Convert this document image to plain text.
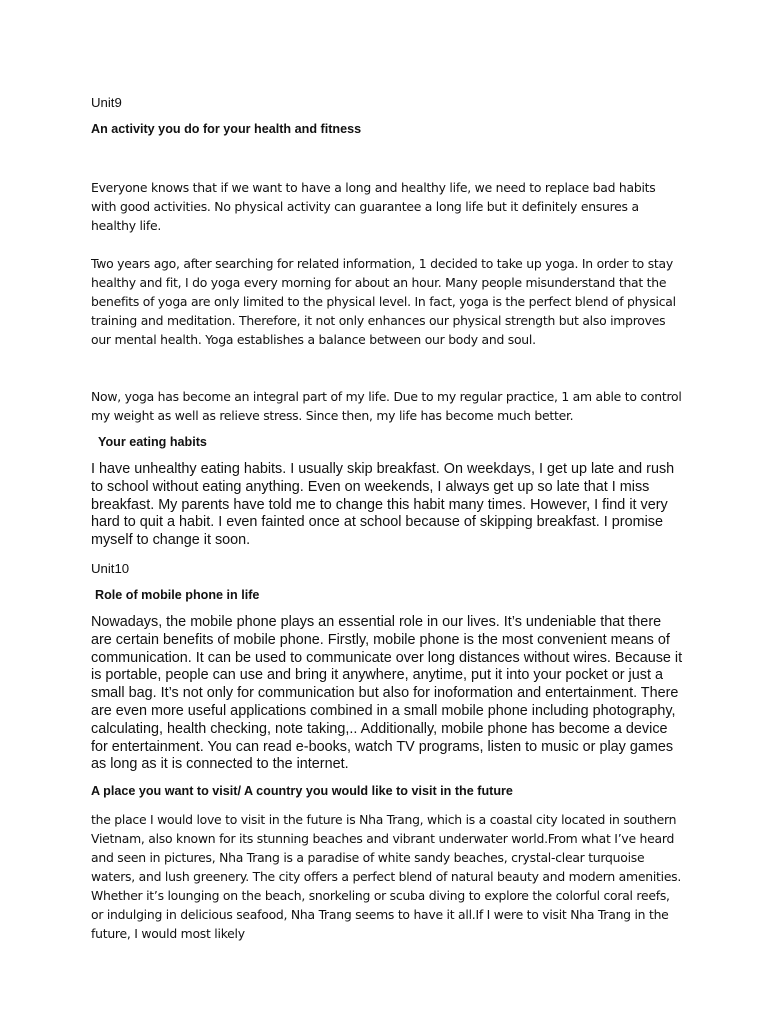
Unit9

An activity you do for your health and fitness

Everyone knows that if we want to have a long and healthy life, we need to replace bad habits with good activities. No physical activity can guarantee a long life but it definitely ensures a healthy life.

Two years ago, after searching for related information, 1 decided to take up yoga. In order to stay healthy and fit, I do yoga every morning for about an hour. Many people misunderstand that the benefits of yoga are only limited to the physical level. In fact, yoga is the perfect blend of physical training and meditation. Therefore, it not only enhances our physical strength but also improves our mental health. Yoga establishes a balance between our body and soul.

Now, yoga has become an integral part of my life. Due to my regular practice, 1 am able to control my weight as well as relieve stress. Since then, my life has become much better.

Your eating habits

I have unhealthy eating habits. I usually skip breakfast. On weekdays, I get up late and rush to school without eating anything. Even on weekends, I always get up so late that I miss breakfast. My parents have told me to change this habit many times. However, I find it very hard to quit a habit. I even fainted once at school because of skipping breakfast. I promise myself to change it soon.

Unit10

Role of mobile phone in life

Nowadays, the mobile phone plays an essential role in our lives. It’s undeniable that there are certain benefits of mobile phone. Firstly, mobile phone is the most convenient means of communication. It can be used to communicate over long distances without wires. Because it is portable, people can use and bring it anywhere, anytime, put it into your pocket or just a small bag. It’s not only for communication but also for inoformation and entertainment. There are even more useful applications combined in a small mobile phone including photography, calculating, health checking, note taking,.. Additionally, mobile phone has become a device for entertainment. You can read e-books, watch TV programs, listen to music or play games as long as it is connected to the internet.

A place you want to visit/ A country you would like to visit in the future

the place I would love to visit in the future is Nha Trang, which is a coastal city located in southern Vietnam, also known for its stunning beaches and vibrant underwater world.From what I’ve heard and seen in pictures, Nha Trang is a paradise of white sandy beaches, crystal-clear turquoise waters, and lush greenery. The city offers a perfect blend of natural beauty and modern amenities. Whether it’s lounging on the beach, snorkeling or scuba diving to explore the colorful coral reefs, or indulging in delicious seafood, Nha Trang seems to have it all.If I were to visit Nha Trang in the future, I would most likely
